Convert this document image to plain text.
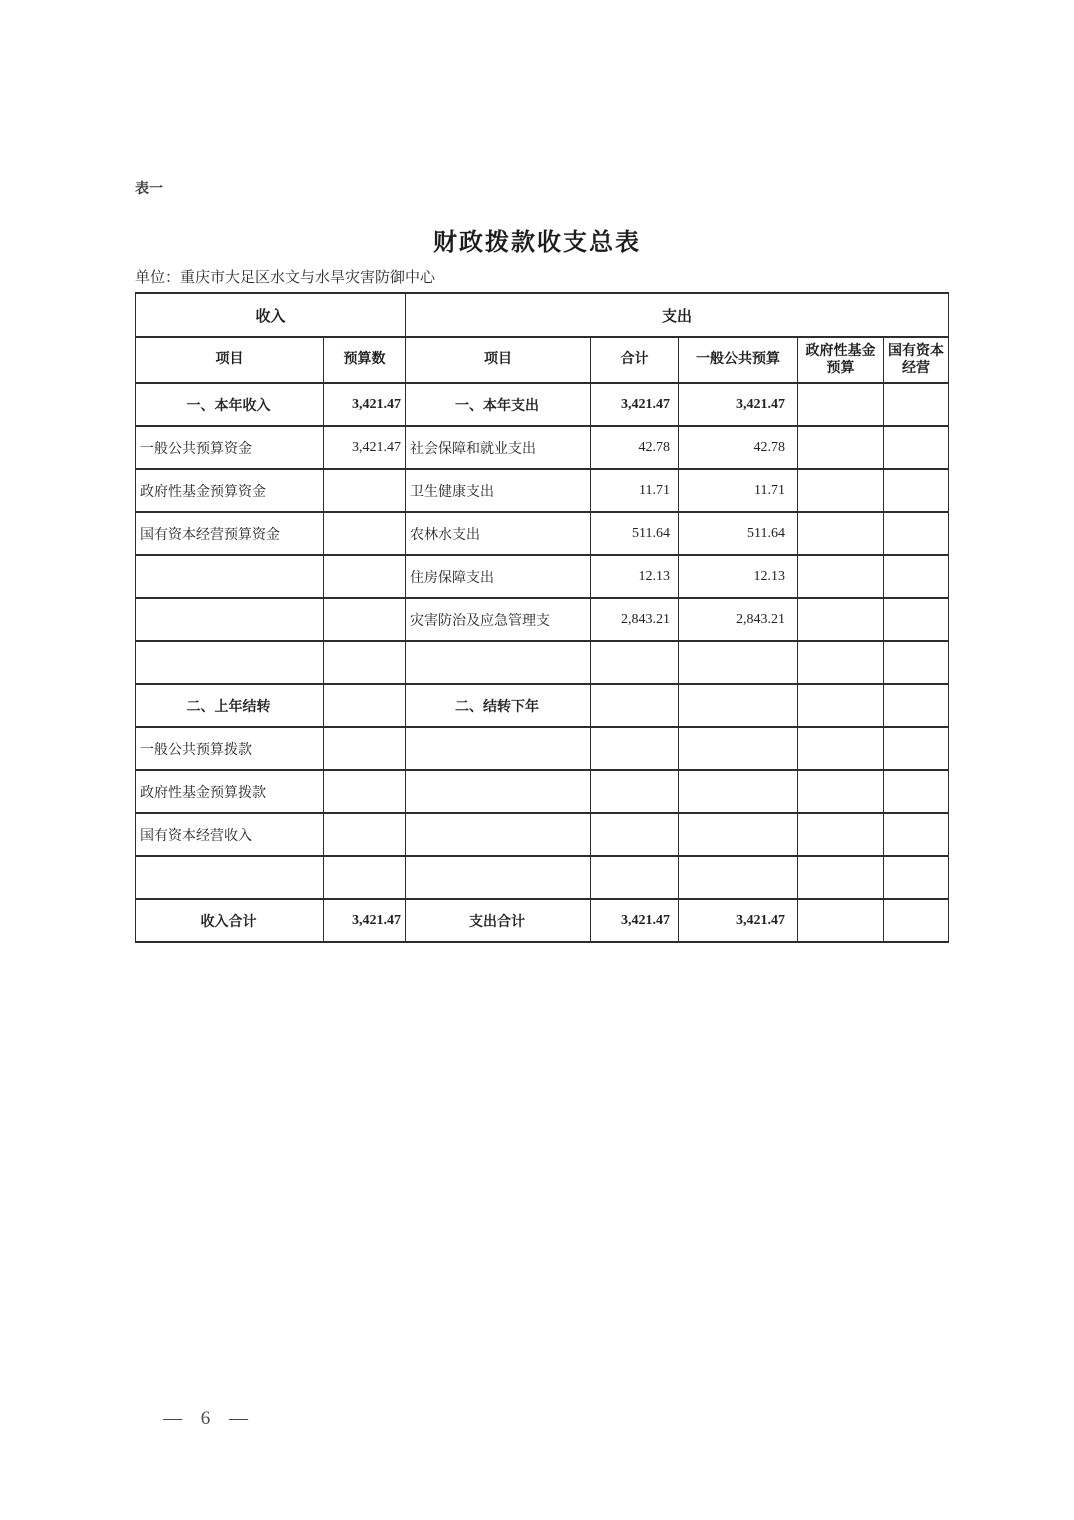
表一
财政拨款收支总表
单位：重庆市大足区水文与水旱灾害防御中心
收入		支出				
项目	预算数	项目	合计	一般公共预算	政府性基金预算	国有资本经营
一、本年收入	3,421.47	一、本年支出	3,421.47	3,421.47		
一般公共预算资金	3,421.47	社会保障和就业支出	42.78	42.78		
政府性基金预算资金		卫生健康支出	11.71	11.71		
国有资本经营预算资金		农林水支出	511.64	511.64		
		住房保障支出	12.13	12.13		
		灾害防治及应急管理支	2,843.21	2,843.21		

二、上年结转		二、结转下年				
一般公共预算拨款						
政府性基金预算拨款						
国有资本经营收入						

收入合计	3,421.47	支出合计	3,421.47	3,421.47		
— 6 —
